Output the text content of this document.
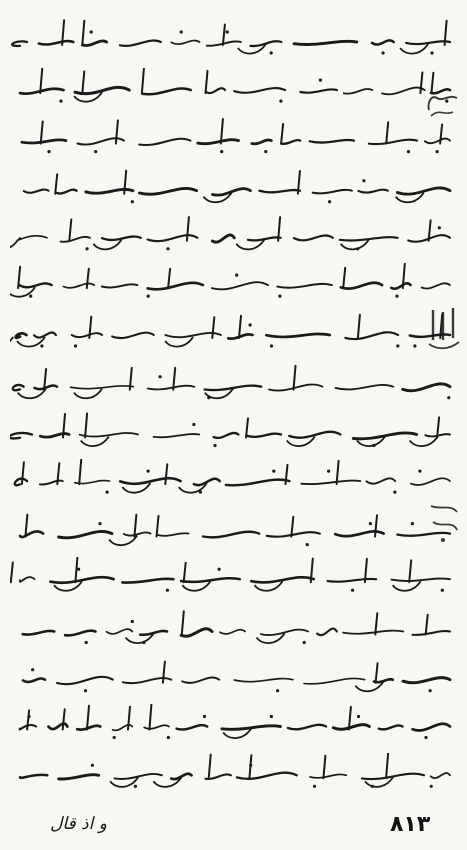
و اذ قال	۸۱۳
